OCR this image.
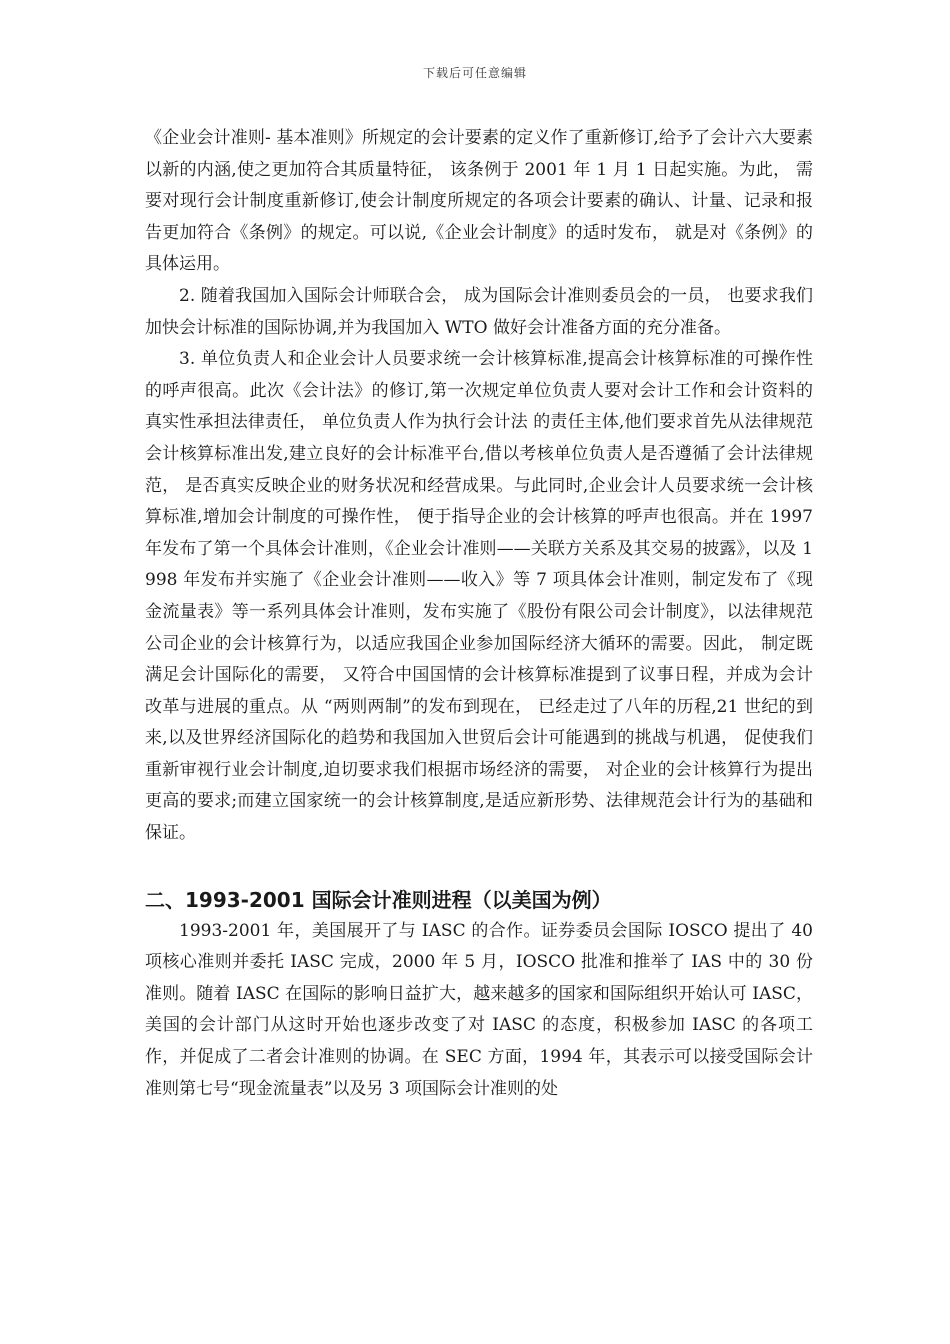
下载后可任意编辑

《企业会计准则- 基本准则》所规定的会计要素的定义作了重新修订,给予了会计六大要素以新的内涵,使之更加符合其质量特征， 该条例于 2001 年 1 月 1 日起实施。为此， 需要对现行会计制度重新修订,使会计制度所规定的各项会计要素的确认、计量、记录和报告更加符合《条例》的规定。可以说,《企业会计制度》的适时发布， 就是对《条例》的具体运用。

2. 随着我国加入国际会计师联合会， 成为国际会计准则委员会的一员， 也要求我们加快会计标准的国际协调,并为我国加入 WTO 做好会计准备方面的充分准备。

3. 单位负责人和企业会计人员要求统一会计核算标准,提高会计核算标准的可操作性的呼声很高。此次《会计法》的修订,第一次规定单位负责人要对会计工作和会计资料的真实性承担法律责任， 单位负责人作为执行会计法 的责任主体,他们要求首先从法律规范会计核算标准出发,建立良好的会计标准平台,借以考核单位负责人是否遵循了会计法律规范， 是否真实反映企业的财务状况和经营成果。与此同时,企业会计人员要求统一会计核算标准,增加会计制度的可操作性， 便于指导企业的会计核算的呼声也很高。并在 1997 年发布了第一个具体会计准则，《企业会计准则——关联方关系及其交易的披露》，以及 1998 年发布并实施了《企业会计准则——收入》等 7 项具体会计准则，制定发布了《现金流量表》等一系列具体会计准则，发布实施了《股份有限公司会计制度》，以法律规范公司企业的会计核算行为，以适应我国企业参加国际经济大循环的需要。因此， 制定既满足会计国际化的需要， 又符合中国国情的会计核算标准提到了议事日程，并成为会计改革与进展的重点。从 “两则两制”的发布到现在， 已经走过了八年的历程,21 世纪的到来,以及世界经济国际化的趋势和我国加入世贸后会计可能遇到的挑战与机遇， 促使我们重新审视行业会计制度,迫切要求我们根据市场经济的需要， 对企业的会计核算行为提出更高的要求;而建立国家统一的会计核算制度,是适应新形势、法律规范会计行为的基础和保证。

二、1993-2001 国际会计准则进程（以美国为例）

1993-2001 年，美国展开了与 IASC 的合作。证券委员会国际 IOSCO 提出了 40 项核心准则并委托 IASC 完成，2000 年 5 月，IOSCO 批准和推举了 IAS 中的 30 份准则。随着 IASC 在国际的影响日益扩大，越来越多的国家和国际组织开始认可 IASC，美国的会计部门从这时开始也逐步改变了对 IASC 的态度，积极参加 IASC 的各项工作，并促成了二者会计准则的协调。在 SEC 方面，1994 年，其表示可以接受国际会计准则第七号“现金流量表”以及另 3 项国际会计准则的处
